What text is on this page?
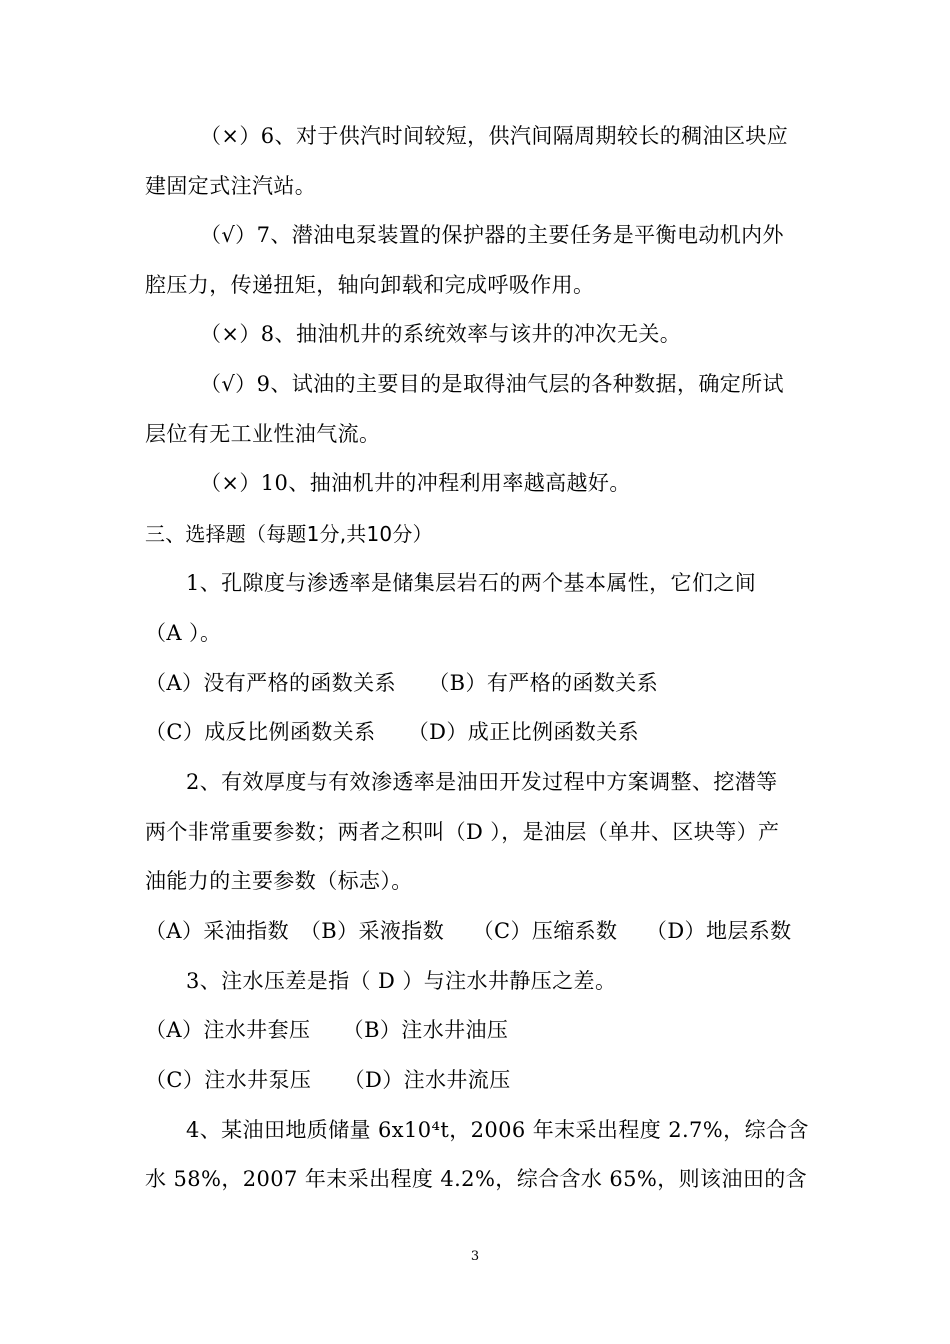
（×）6、对于供汽时间较短，供汽间隔周期较长的稠油区块应
建固定式注汽站。
（√）7、潜油电泵装置的保护器的主要任务是平衡电动机内外
腔压力，传递扭矩，轴向卸载和完成呼吸作用。
（×）8、抽油机井的系统效率与该井的冲次无关。
（√）9、试油的主要目的是取得油气层的各种数据，确定所试
层位有无工业性油气流。
（×）10、抽油机井的冲程利用率越高越好。
三、选择题（每题1分,共10分）
1、孔隙度与渗透率是储集层岩石的两个基本属性，它们之间
（A ）。
（A）没有严格的函数关系　　（B）有严格的函数关系
（C）成反比例函数关系　　（D）成正比例函数关系
2、有效厚度与有效渗透率是油田开发过程中方案调整、挖潜等
两个非常重要参数；两者之积叫（D ），是油层（单井、区块等）产
油能力的主要参数（标志）。
（A）采油指数　（B）采液指数　 （C）压缩系数　 （D）地层系数
3、注水压差是指（ D ）与注水井静压之差。
（A）注水井套压　　（B）注水井油压
（C）注水井泵压　　（D）注水井流压
4、某油田地质储量 6x10⁴t，2006 年末采出程度 2.7%，综合含
水 58%，2007 年末采出程度 4.2%，综合含水 65%，则该油田的含
3
